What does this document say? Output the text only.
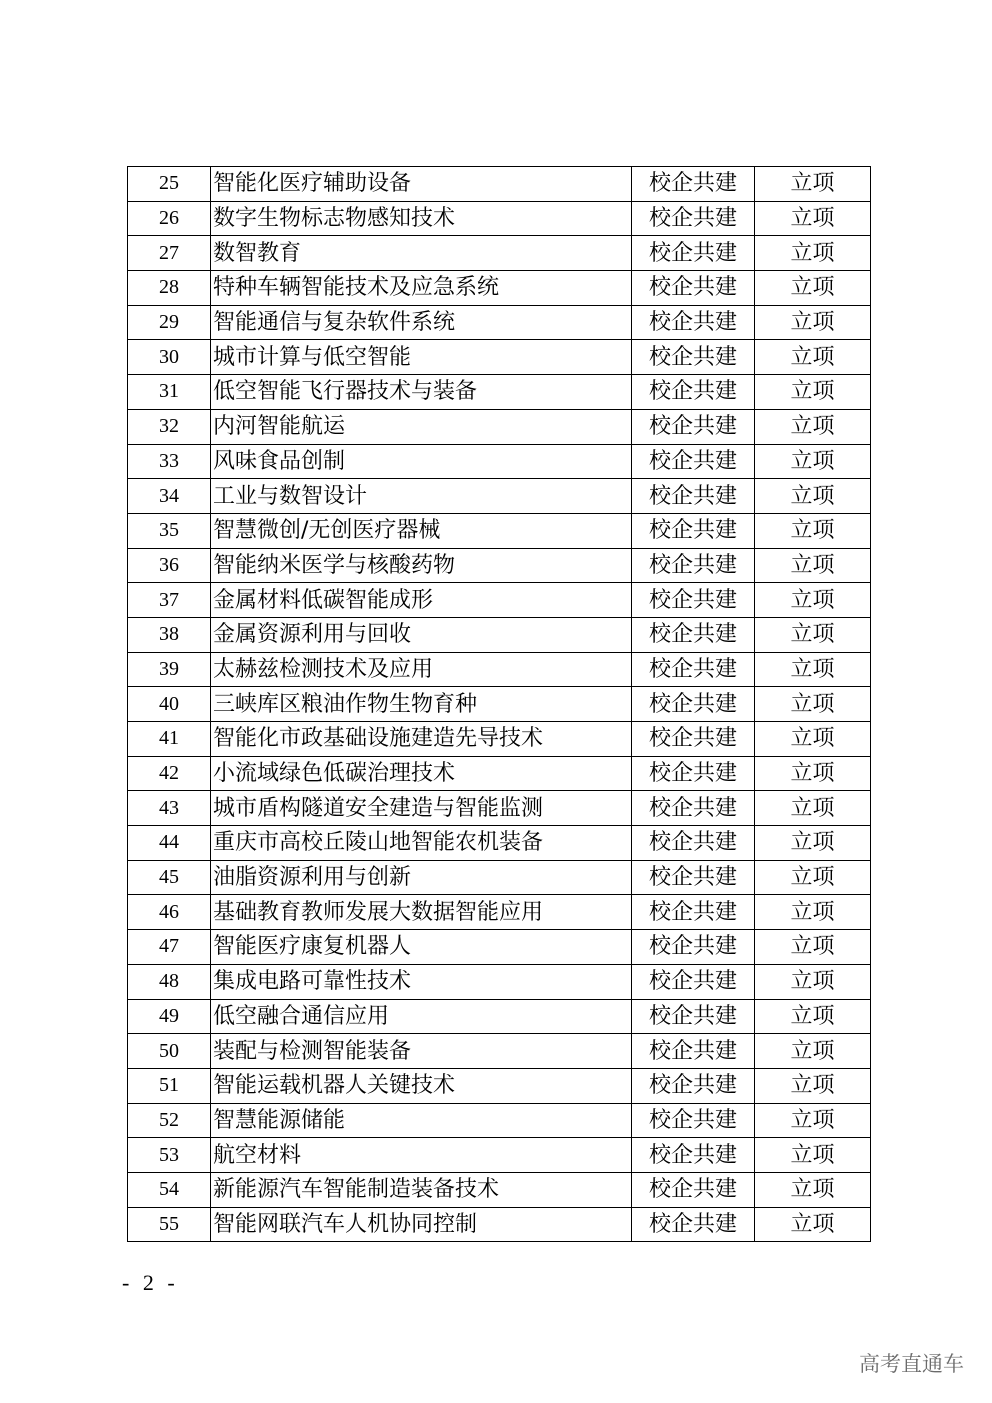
25	智能化医疗辅助设备	校企共建	立项
26	数字生物标志物感知技术	校企共建	立项
27	数智教育	校企共建	立项
28	特种车辆智能技术及应急系统	校企共建	立项
29	智能通信与复杂软件系统	校企共建	立项
30	城市计算与低空智能	校企共建	立项
31	低空智能飞行器技术与装备	校企共建	立项
32	内河智能航运	校企共建	立项
33	风味食品创制	校企共建	立项
34	工业与数智设计	校企共建	立项
35	智慧微创/无创医疗器械	校企共建	立项
36	智能纳米医学与核酸药物	校企共建	立项
37	金属材料低碳智能成形	校企共建	立项
38	金属资源利用与回收	校企共建	立项
39	太赫兹检测技术及应用	校企共建	立项
40	三峡库区粮油作物生物育种	校企共建	立项
41	智能化市政基础设施建造先导技术	校企共建	立项
42	小流域绿色低碳治理技术	校企共建	立项
43	城市盾构隧道安全建造与智能监测	校企共建	立项
44	重庆市高校丘陵山地智能农机装备	校企共建	立项
45	油脂资源利用与创新	校企共建	立项
46	基础教育教师发展大数据智能应用	校企共建	立项
47	智能医疗康复机器人	校企共建	立项
48	集成电路可靠性技术	校企共建	立项
49	低空融合通信应用	校企共建	立项
50	装配与检测智能装备	校企共建	立项
51	智能运载机器人关键技术	校企共建	立项
52	智慧能源储能	校企共建	立项
53	航空材料	校企共建	立项
54	新能源汽车智能制造装备技术	校企共建	立项
55	智能网联汽车人机协同控制	校企共建	立项
- 2 -
高考直通车
